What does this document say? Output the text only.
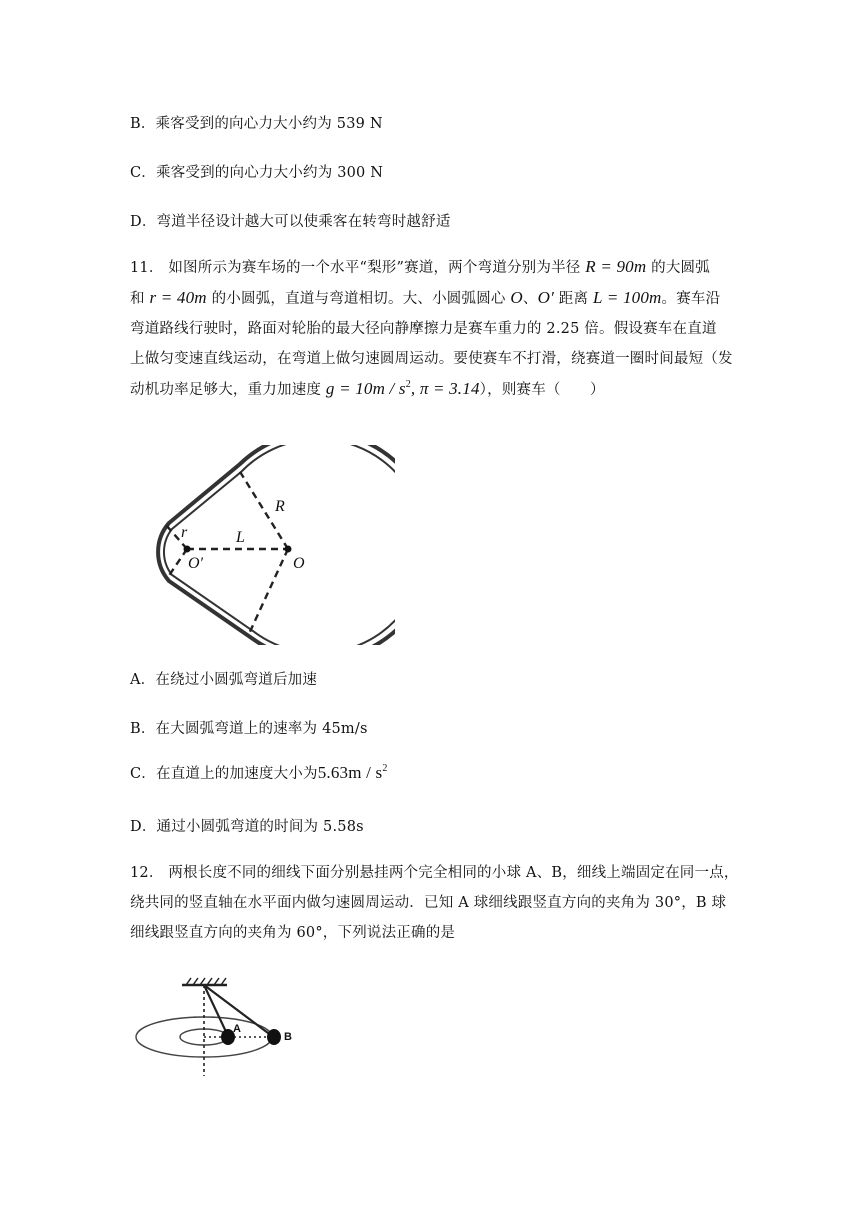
B．乘客受到的向心力大小约为 539 N
C．乘客受到的向心力大小约为 300 N
D．弯道半径设计越大可以使乘客在转弯时越舒适
11． 如图所示为赛车场的一个水平“梨形”赛道，两个弯道分别为半径 R = 90m 的大圆弧
和 r = 40m 的小圆弧，直道与弯道相切。大、小圆弧圆心 O、O′ 距离 L = 100m。赛车沿
弯道路线行驶时，路面对轮胎的最大径向静摩擦力是赛车重力的 2.25 倍。假设赛车在直道
上做匀变速直线运动，在弯道上做匀速圆周运动。要使赛车不打滑，绕赛道一圈时间最短（发
动机功率足够大，重力加速度 $g = 10m / s^2$, π = 3.14），则赛车（　　）
R
r	L
O
O′
A．在绕过小圆弧弯道后加速
B．在大圆弧弯道上的速率为 45m/s
C．在直道上的加速度大小为$5.63m / s^2$
D．通过小圆弧弯道的时间为 5.58s
12． 两根长度不同的细线下面分别悬挂两个完全相同的小球 A、B，细线上端固定在同一点，
绕共同的竖直轴在水平面内做匀速圆周运动．已知 A 球细线跟竖直方向的夹角为 30°，B 球
细线跟竖直方向的夹角为 60°，下列说法正确的是
A
B
